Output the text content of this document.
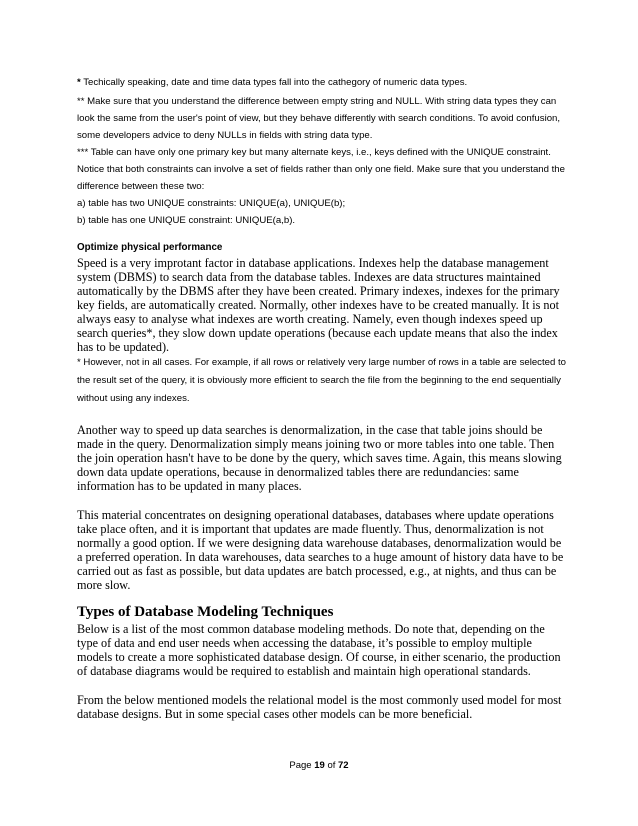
* Techically speaking, date and time data types fall into the cathegory of numeric data types.

** Make sure that you understand the difference between empty string and NULL. With string data types they can look the same from the user's point of view, but they behave differently with search conditions. To avoid confusion, some developers advice to deny NULLs in fields with string data type.

*** Table can have only one primary key but many alternate keys, i.e., keys defined with the UNIQUE constraint. Notice that both constraints can involve a set of fields rather than only one field. Make sure that you understand the difference between these two:

a) table has two UNIQUE constraints: UNIQUE(a), UNIQUE(b);

b) table has one UNIQUE constraint: UNIQUE(a,b).

Optimize physical performance

Speed is a very improtant factor in database applications. Indexes help the database management system (DBMS) to search data from the database tables. Indexes are data structures maintained automatically by the DBMS after they have been created. Primary indexes, indexes for the primary key fields, are automatically created. Normally, other indexes have to be created manually. It is not always easy to analyse what indexes are worth creating. Namely, even though indexes speed up search queries*, they slow down update operations (because each update means that also the index has to be updated).

* However, not in all cases. For example, if all rows or relatively very large number of rows in a table are selected to the result set of the query, it is obviously more efficient to search the file from the beginning to the end sequentially without using any indexes.

Another way to speed up data searches is denormalization, in the case that table joins should be made in the query. Denormalization simply means joining two or more tables into one table. Then the join operation hasn't have to be done by the query, which saves time. Again, this means slowing down data update operations, because in denormalized tables there are redundancies: same information has to be updated in many places.

This material concentrates on designing operational databases, databases where update operations take place often, and it is important that updates are made fluently. Thus, denormalization is not normally a good option. If we were designing data warehouse databases, denormalization would be a preferred operation. In data warehouses, data searches to a huge amount of history data have to be carried out as fast as possible, but data updates are batch processed, e.g., at nights, and thus can be more slow.

Types of Database Modeling Techniques

Below is a list of the most common database modeling methods. Do note that, depending on the type of data and end user needs when accessing the database, it’s possible to employ multiple models to create a more sophisticated database design. Of course, in either scenario, the production of database diagrams would be required to establish and maintain high operational standards.

From the below mentioned models the relational model is the most commonly used model for most database designs. But in some special cases other models can be more beneficial.

Page 19 of 72
